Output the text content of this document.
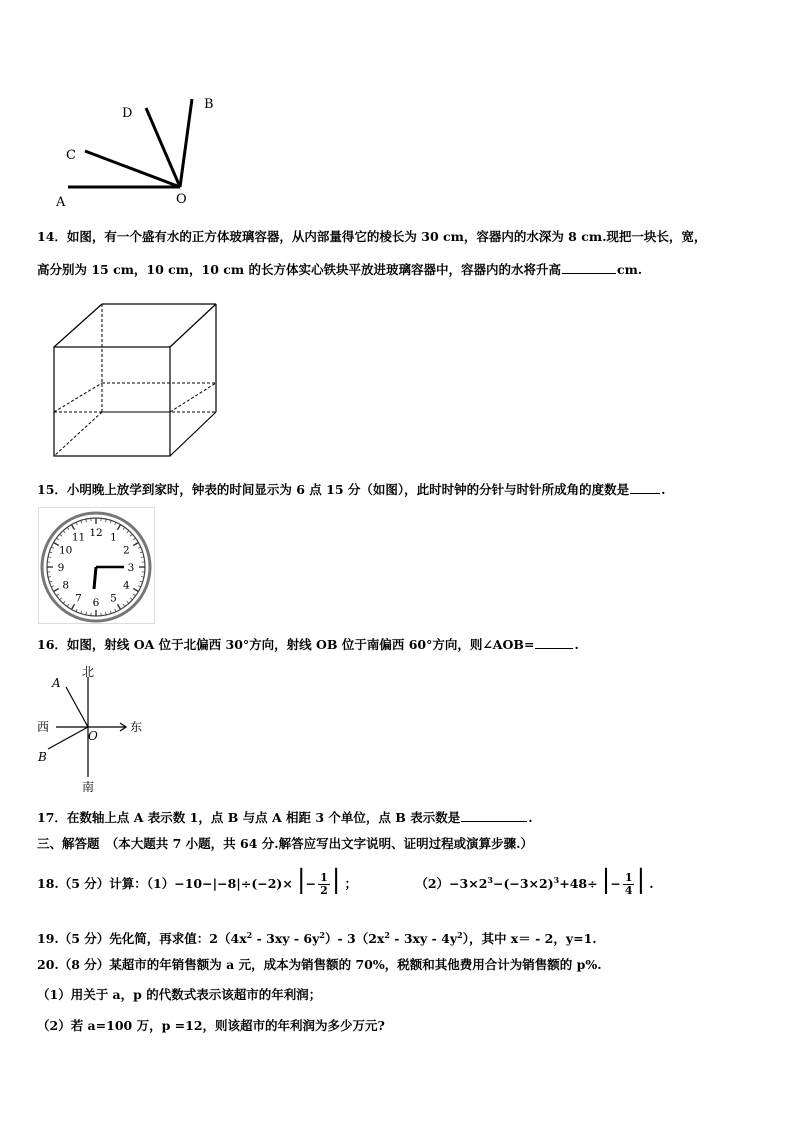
A
C
D
B
O
14．如图，有一个盛有水的正方体玻璃容器，从内部量得它的棱长为 30 cm，容器内的水深为 8 cm.现把一块长，宽，
高分别为 15 cm，10 cm，10 cm 的长方体实心铁块平放进玻璃容器中，容器内的水将升高	cm.
15．小明晚上放学到家时，钟表的时间显示为 6 点 15 分（如图），此时时钟的分针与时针所成角的度数是	.
12 1
2
3
4
5
6
7
8
9
10
11
16．如图，射线 OA 位于北偏西 30°方向，射线 OB 位于南偏西 60°方向，则∠AOB=	.
北
南
西	东
A
B
O
17．在数轴上点 A 表示数 1，点 B 与点 A 相距 3 个单位，点 B 表示数是	.
三、解答题　（本大题共 7 小题，共 64 分.解答应写出文字说明、证明过程或演算步骤.）
18.（5 分）计算：（1）−10−|−8|÷(−2)× |− $\frac{1}{2}$ | ；	$(2)-3\times 2^3-(-3\times 2)^3+48\div$ |− $\frac{1}{4}$ | .
19.（5 分）先化简，再求值：$2(4x^2 - 3xy - 6y^2)-$ $3(2x^2 - 3xy - 4y^2)$，其中 x＝ - 2，y=1.
20.（8 分）某超市的年销售额为 a 元，成本为销售额的 70%，税额和其他费用合计为销售额的 p%.
（1）用关于 a，p 的代数式表示该超市的年利润；
（2）若 a=100 万，p =12，则该超市的年利润为多少万元?
